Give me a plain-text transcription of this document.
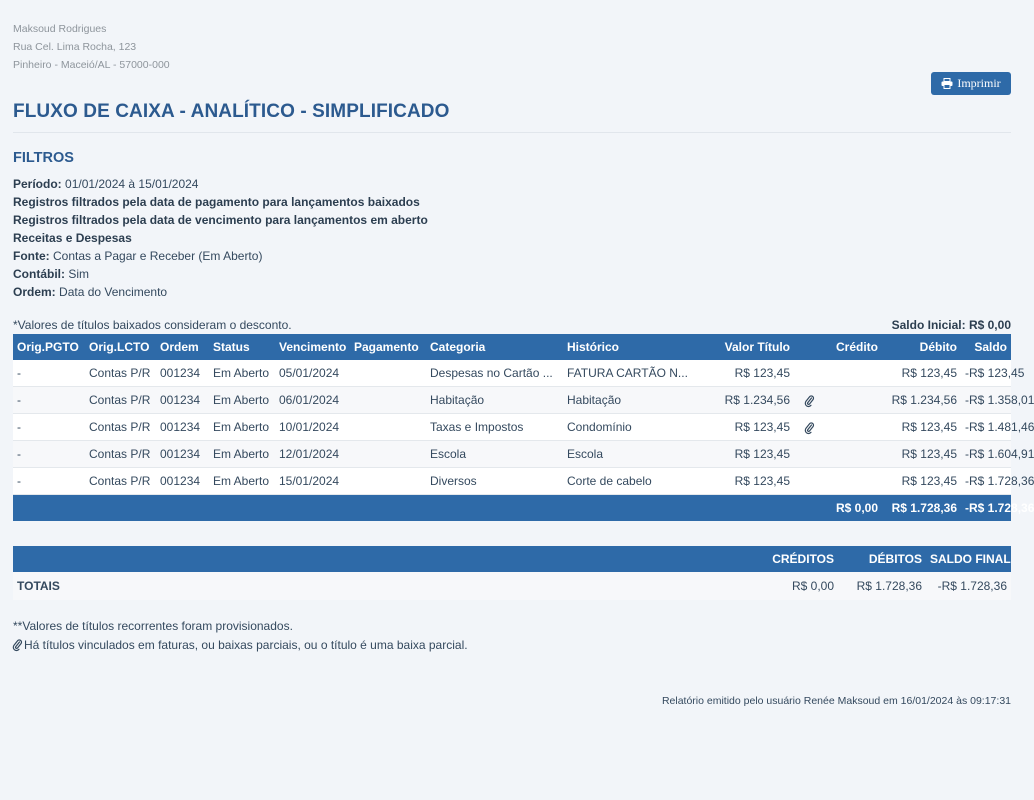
Maksoud Rodrigues
Rua Cel. Lima Rocha, 123
Pinheiro - Maceió/AL - 57000-000
Imprimir
FLUXO DE CAIXA - ANALÍTICO - SIMPLIFICADO
FILTROS
Período: 01/01/2024 à 15/01/2024
Registros filtrados pela data de pagamento para lançamentos baixados
Registros filtrados pela data de vencimento para lançamentos em aberto
Receitas e Despesas
Fonte: Contas a Pagar e Receber (Em Aberto)
Contábil: Sim
Ordem: Data do Vencimento
*Valores de títulos baixados consideram o desconto.	Saldo Inicial: R$ 0,00
Orig.PGTO	Orig.LCTO	Ordem	Status	Vencimento	Pagamento	Categoria	Histórico	Valor Título		Crédito	Débito	Saldo
-	Contas P/R	001234	Em Aberto	05/01/2024		Despesas no Cartão ...	FATURA CARTÃO N...	R$ 123,45			R$ 123,45	-R$ 123,45
-	Contas P/R	001234	Em Aberto	06/01/2024		Habitação	Habitação	R$ 1.234,56			R$ 1.234,56	-R$ 1.358,01
-	Contas P/R	001234	Em Aberto	10/01/2024		Taxas e Impostos	Condomínio	R$ 123,45			R$ 123,45	-R$ 1.481,46
-	Contas P/R	001234	Em Aberto	12/01/2024		Escola	Escola	R$ 123,45			R$ 123,45	-R$ 1.604,91
-	Contas P/R	001234	Em Aberto	15/01/2024		Diversos	Corte de cabelo	R$ 123,45			R$ 123,45	-R$ 1.728,36
										R$ 0,00	R$ 1.728,36	-R$ 1.728,36
	CRÉDITOS	DÉBITOS	SALDO FINAL
TOTAIS	R$ 0,00	R$ 1.728,36	-R$ 1.728,36
**Valores de títulos recorrentes foram provisionados.
Há títulos vinculados em faturas, ou baixas parciais, ou o título é uma baixa parcial.
Relatório emitido pelo usuário Renée Maksoud em 16/01/2024 às 09:17:31
